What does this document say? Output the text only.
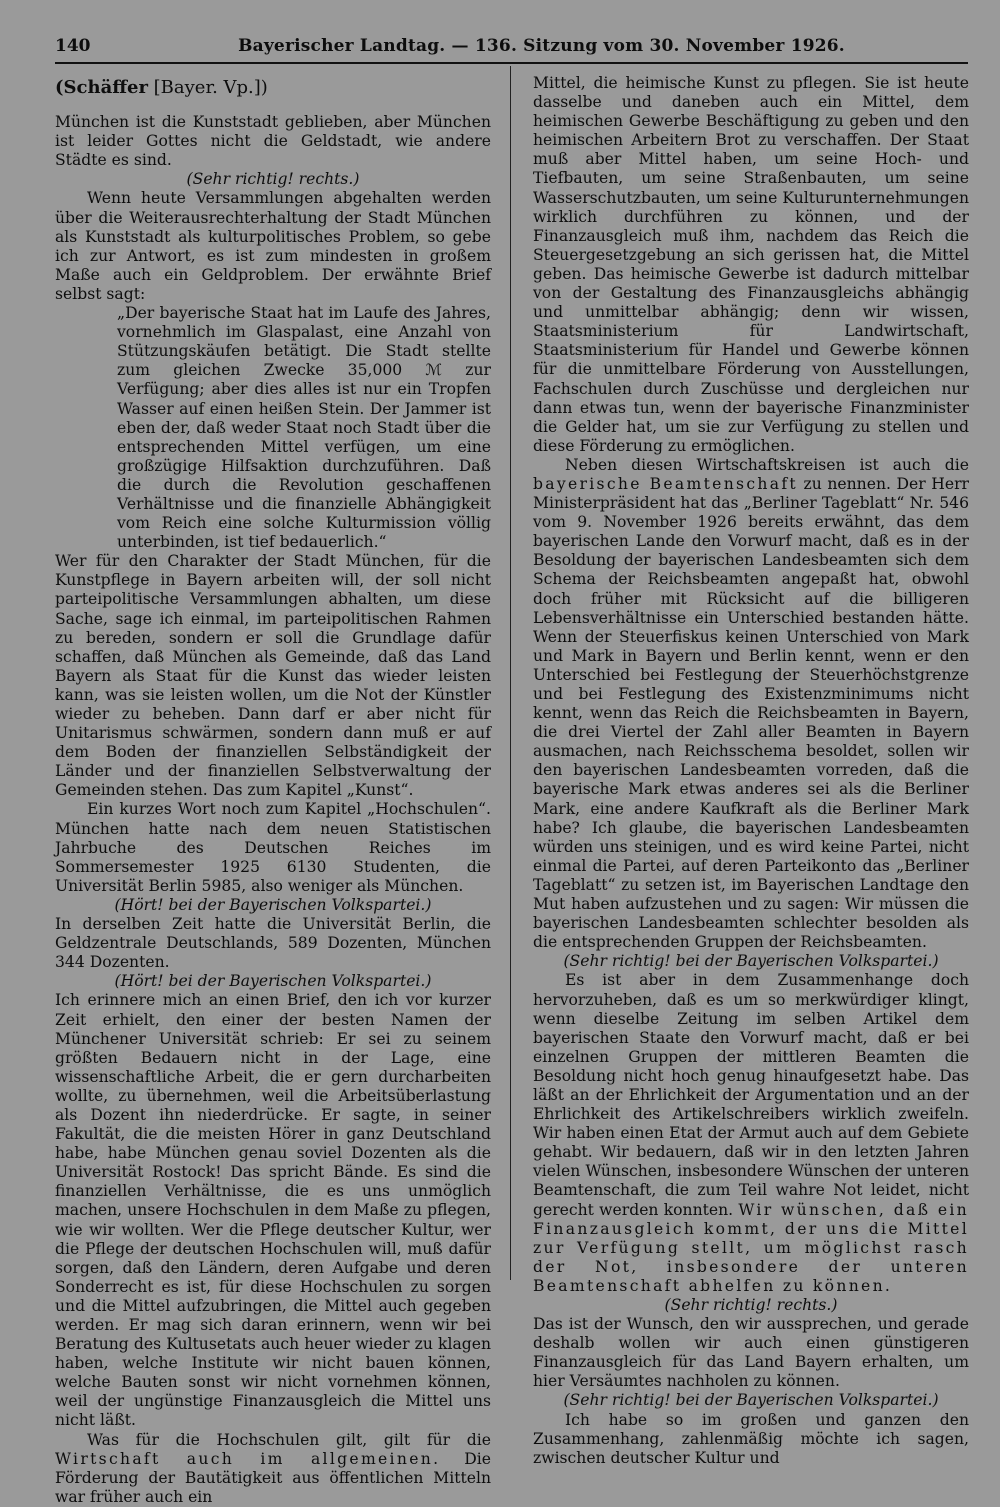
140	Bayerischer Landtag. — 136. Sitzung vom 30. November 1926.

(Schäffer [Bayer. Vp.])

München ist die Kunststadt geblieben, aber München ist leider Gottes nicht die Geldstadt, wie andere Städte es sind.

(Sehr richtig! rechts.)

Wenn heute Versammlungen abgehalten werden über die Weiterausrechterhaltung der Stadt München als Kunststadt als kulturpolitisches Problem, so gebe ich zur Antwort, es ist zum mindesten in großem Maße auch ein Geldproblem. Der erwähnte Brief selbst sagt:

„Der bayerische Staat hat im Laufe des Jahres, vornehmlich im Glaspalast, eine Anzahl von Stützungskäufen betätigt. Die Stadt stellte zum gleichen Zwecke 35,000 ℳ zur Verfügung; aber dies alles ist nur ein Tropfen Wasser auf einen heißen Stein. Der Jammer ist eben der, daß weder Staat noch Stadt über die entsprechenden Mittel verfügen, um eine großzügige Hilfsaktion durchzuführen. Daß die durch die Revolution geschaffenen Verhältnisse und die finanzielle Abhängigkeit vom Reich eine solche Kulturmission völlig unterbinden, ist tief bedauerlich.“

Wer für den Charakter der Stadt München, für die Kunstpflege in Bayern arbeiten will, der soll nicht parteipolitische Versammlungen abhalten, um diese Sache, sage ich einmal, im parteipolitischen Rahmen zu bereden, sondern er soll die Grundlage dafür schaffen, daß München als Gemeinde, daß das Land Bayern als Staat für die Kunst das wieder leisten kann, was sie leisten wollen, um die Not der Künstler wieder zu beheben. Dann darf er aber nicht für Unitarismus schwärmen, sondern dann muß er auf dem Boden der finanziellen Selbständigkeit der Länder und der finanziellen Selbstverwaltung der Gemeinden stehen. Das zum Kapitel „Kunst“.

Ein kurzes Wort noch zum Kapitel „Hochschulen“. München hatte nach dem neuen Statistischen Jahrbuche des Deutschen Reiches im Sommersemester 1925 6130 Studenten, die Universität Berlin 5985, also weniger als München.

(Hört! bei der Bayerischen Volkspartei.)

In derselben Zeit hatte die Universität Berlin, die Geldzentrale Deutschlands, 589 Dozenten, München 344 Dozenten.

(Hört! bei der Bayerischen Volkspartei.)

Ich erinnere mich an einen Brief, den ich vor kurzer Zeit erhielt, den einer der besten Namen der Münchener Universität schrieb: Er sei zu seinem größten Bedauern nicht in der Lage, eine wissenschaftliche Arbeit, die er gern durcharbeiten wollte, zu übernehmen, weil die Arbeitsüberlastung als Dozent ihn niederdrücke. Er sagte, in seiner Fakultät, die die meisten Hörer in ganz Deutschland habe, habe München genau soviel Dozenten als die Universität Rostock! Das spricht Bände. Es sind die finanziellen Verhältnisse, die es uns unmöglich machen, unsere Hochschulen in dem Maße zu pflegen, wie wir wollten. Wer die Pflege deutscher Kultur, wer die Pflege der deutschen Hochschulen will, muß dafür sorgen, daß den Ländern, deren Aufgabe und deren Sonderrecht es ist, für diese Hochschulen zu sorgen und die Mittel aufzubringen, die Mittel auch gegeben werden. Er mag sich daran erinnern, wenn wir bei Beratung des Kultusetats auch heuer wieder zu klagen haben, welche Institute wir nicht bauen können, welche Bauten sonst wir nicht vornehmen können, weil der ungünstige Finanzausgleich die Mittel uns nicht läßt.

Was für die Hochschulen gilt, gilt für die Wirtschaft auch im allgemeinen. Die Förderung der Bautätigkeit aus öffentlichen Mitteln war früher auch ein

Mittel, die heimische Kunst zu pflegen. Sie ist heute dasselbe und daneben auch ein Mittel, dem heimischen Gewerbe Beschäftigung zu geben und den heimischen Arbeitern Brot zu verschaffen. Der Staat muß aber Mittel haben, um seine Hoch- und Tiefbauten, um seine Straßenbauten, um seine Wasserschutzbauten, um seine Kulturunternehmungen wirklich durchführen zu können, und der Finanzausgleich muß ihm, nachdem das Reich die Steuergesetzgebung an sich gerissen hat, die Mittel geben. Das heimische Gewerbe ist dadurch mittelbar von der Gestaltung des Finanzausgleichs abhängig und unmittelbar abhängig; denn wir wissen, Staatsministerium für Landwirtschaft, Staatsministerium für Handel und Gewerbe können für die unmittelbare Förderung von Ausstellungen, Fachschulen durch Zuschüsse und dergleichen nur dann etwas tun, wenn der bayerische Finanzminister die Gelder hat, um sie zur Verfügung zu stellen und diese Förderung zu ermöglichen.

Neben diesen Wirtschaftskreisen ist auch die bayerische Beamtenschaft zu nennen. Der Herr Ministerpräsident hat das „Berliner Tageblatt“ Nr. 546 vom 9. November 1926 bereits erwähnt, das dem bayerischen Lande den Vorwurf macht, daß es in der Besoldung der bayerischen Landesbeamten sich dem Schema der Reichsbeamten angepaßt hat, obwohl doch früher mit Rücksicht auf die billigeren Lebensverhältnisse ein Unterschied bestanden hätte. Wenn der Steuerfiskus keinen Unterschied von Mark und Mark in Bayern und Berlin kennt, wenn er den Unterschied bei Festlegung der Steuerhöchstgrenze und bei Festlegung des Existenzminimums nicht kennt, wenn das Reich die Reichsbeamten in Bayern, die drei Viertel der Zahl aller Beamten in Bayern ausmachen, nach Reichsschema besoldet, sollen wir den bayerischen Landesbeamten vorreden, daß die bayerische Mark etwas anderes sei als die Berliner Mark, eine andere Kaufkraft als die Berliner Mark habe? Ich glaube, die bayerischen Landesbeamten würden uns steinigen, und es wird keine Partei, nicht einmal die Partei, auf deren Parteikonto das „Berliner Tageblatt“ zu setzen ist, im Bayerischen Landtage den Mut haben aufzustehen und zu sagen: Wir müssen die bayerischen Landesbeamten schlechter besolden als die entsprechenden Gruppen der Reichsbeamten.

(Sehr richtig! bei der Bayerischen Volkspartei.)

Es ist aber in dem Zusammenhange doch hervorzuheben, daß es um so merkwürdiger klingt, wenn dieselbe Zeitung im selben Artikel dem bayerischen Staate den Vorwurf macht, daß er bei einzelnen Gruppen der mittleren Beamten die Besoldung nicht hoch genug hinaufgesetzt habe. Das läßt an der Ehrlichkeit der Argumentation und an der Ehrlichkeit des Artikelschreibers wirklich zweifeln. Wir haben einen Etat der Armut auch auf dem Gebiete gehabt. Wir bedauern, daß wir in den letzten Jahren vielen Wünschen, insbesondere Wünschen der unteren Beamtenschaft, die zum Teil wahre Not leidet, nicht gerecht werden konnten. Wir wünschen, daß ein Finanzausgleich kommt, der uns die Mittel zur Verfügung stellt, um möglichst rasch der Not, insbesondere der unteren Beamtenschaft abhelfen zu können.

(Sehr richtig! rechts.)

Das ist der Wunsch, den wir aussprechen, und gerade deshalb wollen wir auch einen günstigeren Finanzausgleich für das Land Bayern erhalten, um hier Versäumtes nachholen zu können.

(Sehr richtig! bei der Bayerischen Volkspartei.)

Ich habe so im großen und ganzen den Zusammenhang, zahlenmäßig möchte ich sagen, zwischen deutscher Kultur und
